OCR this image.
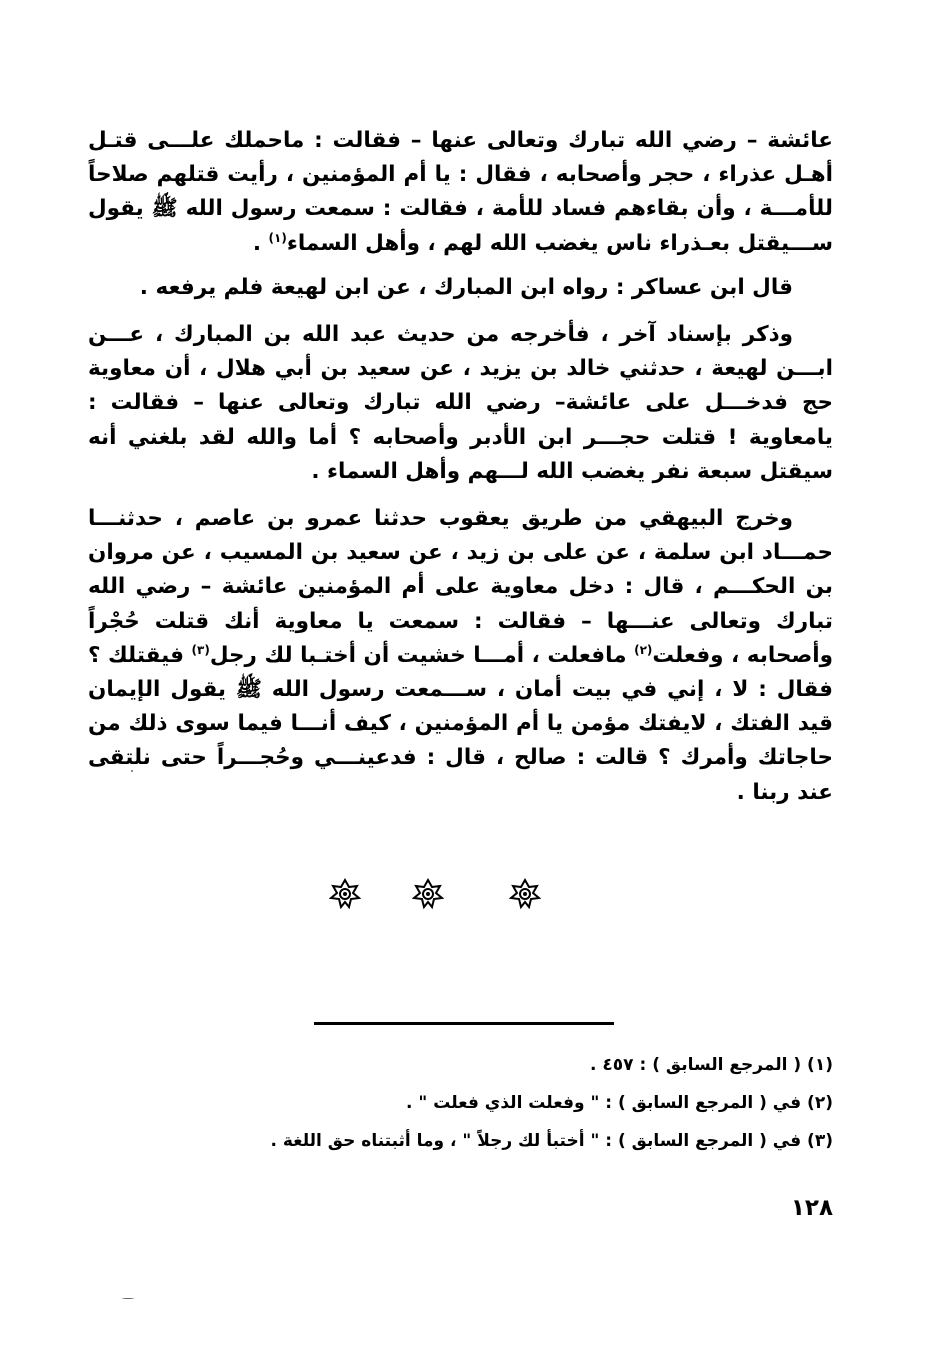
عائشة – رضي الله تبارك وتعالى عنها – فقالت : ماحملك علـــى قتـل أهـل عذراء ، حجر وأصحابه ، فقال : يا أم المؤمنين ، رأيت قتلهم صلاحاً للأمـــة ، وأن بقاءهم فساد للأمة ، فقالت : سمعت رسول الله ﷺ يقول ســـيقتل بعـذراء ناس يغضب الله لهم ، وأهل السماء$^{(١)}$ .

قال ابن عساكر : رواه ابن المبارك ، عن ابن لهيعة فلم يرفعه .

وذكر بإسناد آخر ، فأخرجه من حديث عبد الله بن المبارك ، عـــن ابـــن لهيعة ، حدثني خالد بن يزيد ، عن سعيد بن أبي هلال ، أن معاوية حج فدخـــل على عائشة– رضي الله تبارك وتعالى عنها – فقالت : يامعاوية ! قتلت حجـــر ابن الأدبر وأصحابه ؟ أما والله لقد بلغني أنه سيقتل سبعة نفر يغضب الله لـــهم وأهل السماء .

وخرج البيهقي من طريق يعقوب حدثنا عمرو بن عاصم ، حدثنـــا حمـــاد ابن سلمة ، عن على بن زيد ، عن سعيد بن المسيب ، عن مروان بن الحكـــم ، قال : دخل معاوية على أم المؤمنين عائشة – رضي الله تبارك وتعالى عنـــها – فقالت : سمعت يا معاوية أنك قتلت حُجْراً وأصحابه ، وفعلت$^{(٢)}$ مافعلت ، أمـــا خشيت أن أختـبا لك رجل$^{(٣)}$ فيقتلك ؟ فقال : لا ، إني في بيت أمان ، ســـمعت رسول الله ﷺ يقول الإيمان قيد الفتك ، لايفتك مؤمن يا أم المؤمنين ، كيف أنـــا فيما سوى ذلك من حاجاتك وأمرك ؟ قالت : صالح ، قال : فدعينـــي وحُجـــراً حتى نلتقى عند ربنا .

(١) ( المرجع السابق ) : ٤٥٧ .

(٢) في ( المرجع السابق ) : " وفعلت الذي فعلت " .

(٣) في ( المرجع السابق ) : " أختبأ لك رجلاً " ، وما أثبتناه حق اللغة .

١٢٨
